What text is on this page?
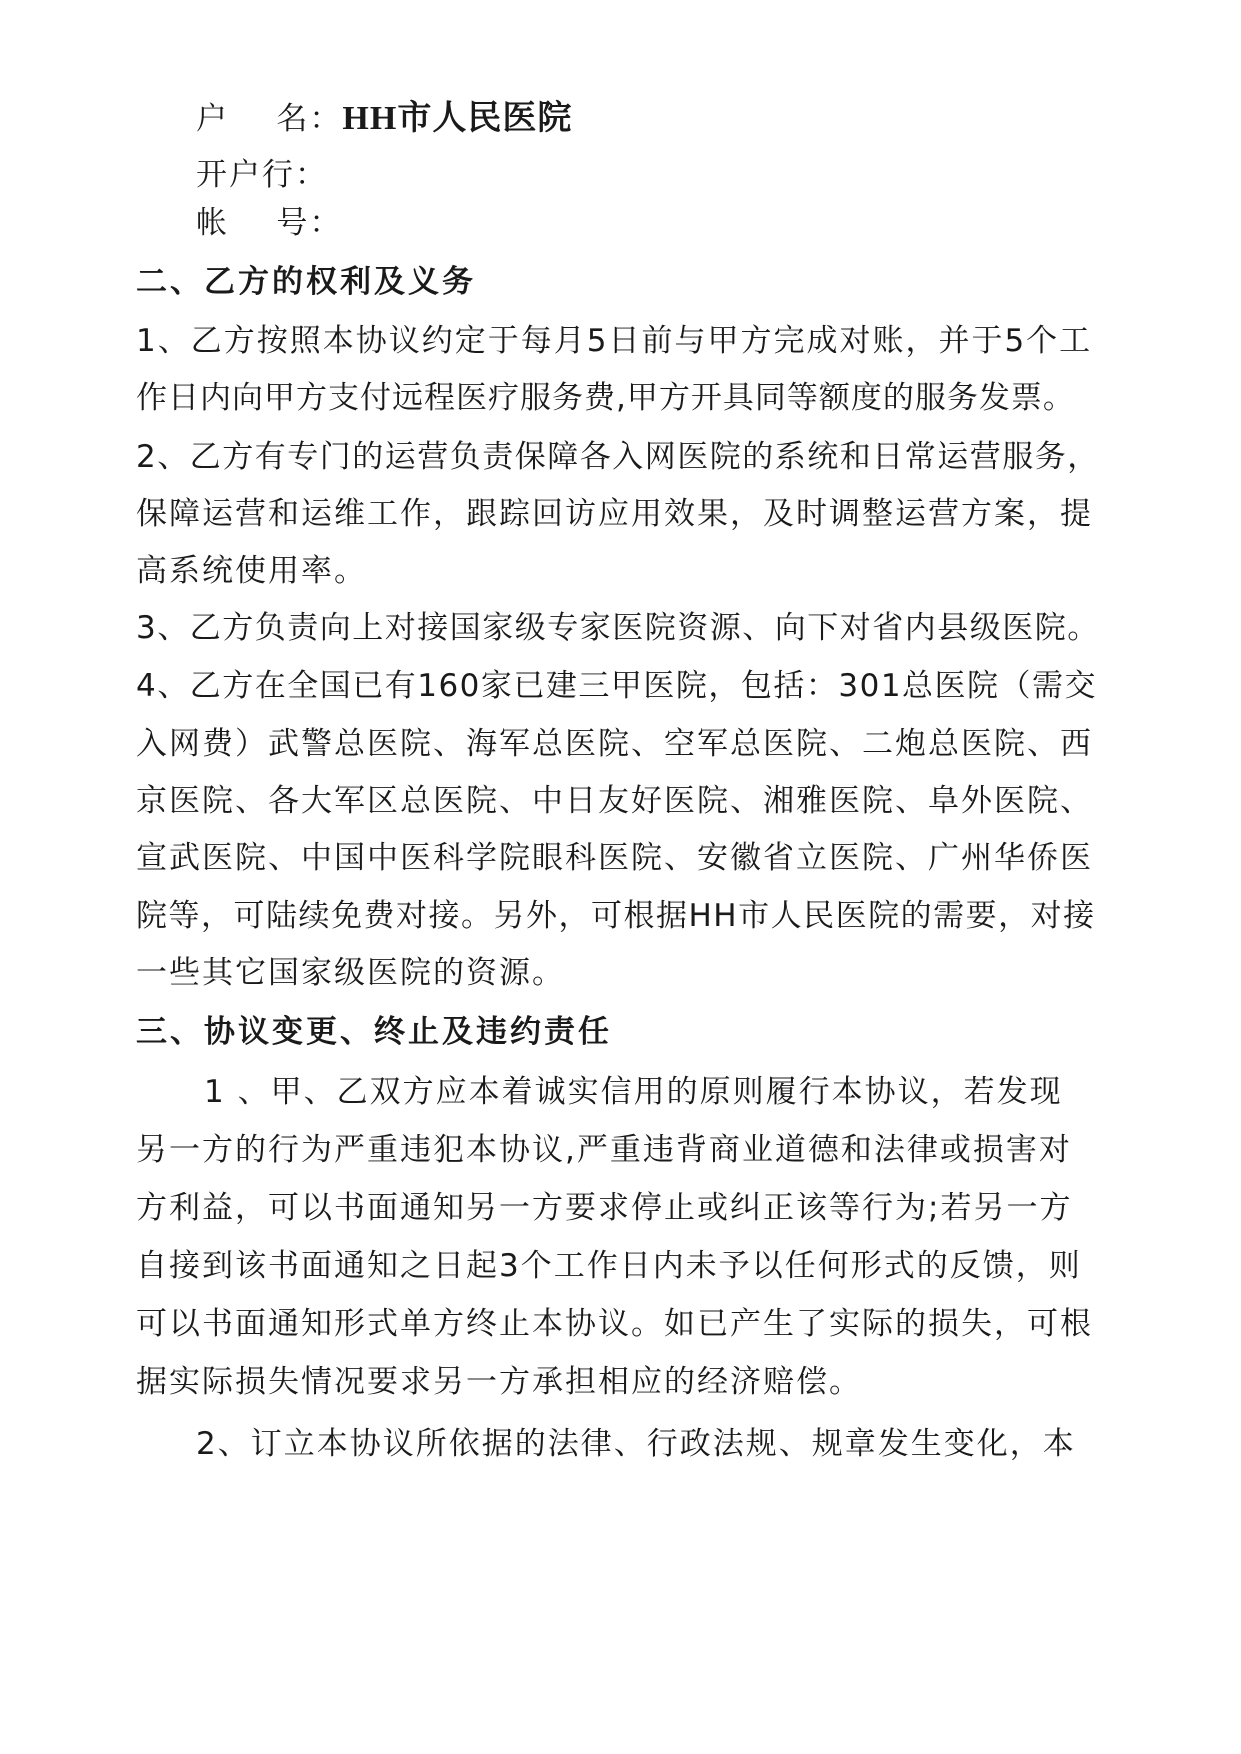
户    名：HH市人民医院
开户行：
帐    号：
二、乙方的权利及义务
1、乙方按照本协议约定于每月5日前与甲方完成对账，并于5个工
作日内向甲方支付远程医疗服务费,甲方开具同等额度的服务发票。
2、乙方有专门的运营负责保障各入网医院的系统和日常运营服务，
保障运营和运维工作，跟踪回访应用效果，及时调整运营方案，提
高系统使用率。
3、乙方负责向上对接国家级专家医院资源、向下对省内县级医院。
4、乙方在全国已有160家已建三甲医院，包括：301总医院（需交
入网费）武警总医院、海军总医院、空军总医院、二炮总医院、西
京医院、各大军区总医院、中日友好医院、湘雅医院、阜外医院、
宣武医院、中国中医科学院眼科医院、安徽省立医院、广州华侨医
院等，可陆续免费对接。另外，可根据HH市人民医院的需要，对接
一些其它国家级医院的资源。
三、协议变更、终止及违约责任
1 、甲、乙双方应本着诚实信用的原则履行本协议，若发现
另一方的行为严重违犯本协议,严重违背商业道德和法律或损害对
方利益，可以书面通知另一方要求停止或纠正该等行为;若另一方
自接到该书面通知之日起3个工作日内未予以任何形式的反馈，则
可以书面通知形式单方终止本协议。如已产生了实际的损失，可根
据实际损失情况要求另一方承担相应的经济赔偿。
2、订立本协议所依据的法律、行政法规、规章发生变化，本
